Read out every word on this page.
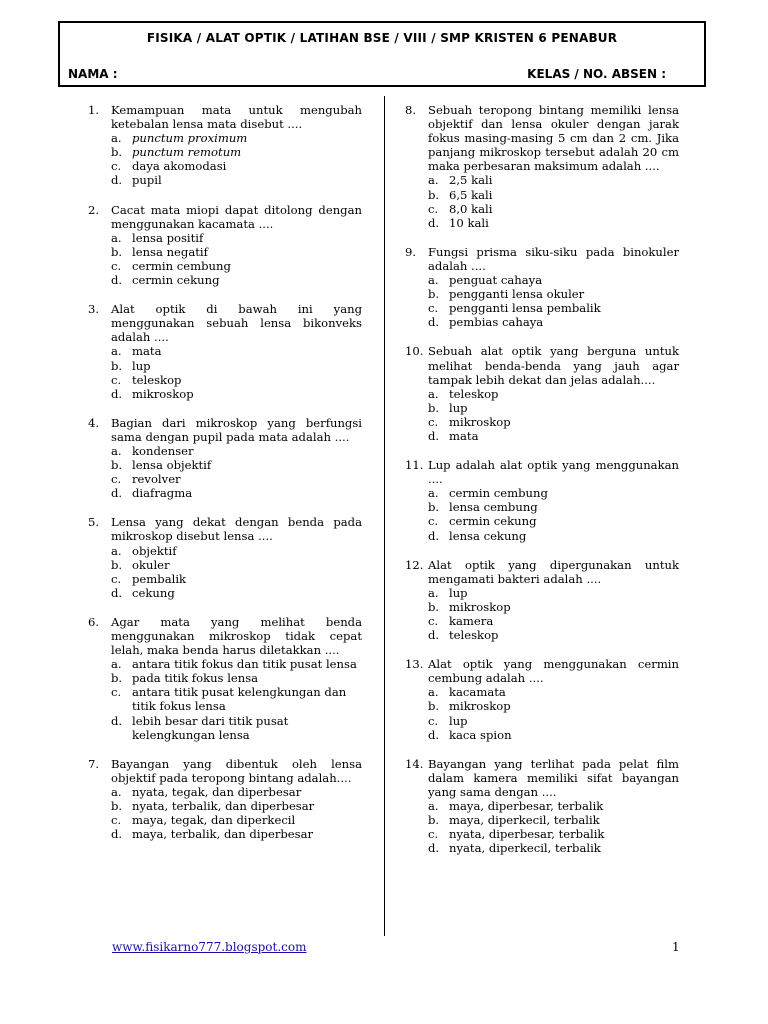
FISIKA / ALAT OPTIK / LATIHAN BSE / VIII / SMP KRISTEN 6 PENABUR
NAMA :	KELAS / NO. ABSEN :
1. Kemampuan mata untuk mengubah ketebalan lensa mata disebut ....
a. punctum proximum
b. punctum remotum
c. daya akomodasi
d. pupil
2. Cacat mata miopi dapat ditolong dengan menggunakan kacamata ....
a. lensa positif
b. lensa negatif
c. cermin cembung
d. cermin cekung
3. Alat optik di bawah ini yang menggunakan sebuah lensa bikonveks adalah ....
a. mata
b. lup
c. teleskop
d. mikroskop
4. Bagian dari mikroskop yang berfungsi sama dengan pupil pada mata adalah ....
a. kondenser
b. lensa objektif
c. revolver
d. diafragma
5. Lensa yang dekat dengan benda pada mikroskop disebut lensa ....
a. objektif
b. okuler
c. pembalik
d. cekung
6. Agar mata yang melihat benda menggunakan mikroskop tidak cepat lelah, maka benda harus diletakkan ....
a. antara titik fokus dan titik pusat lensa
b. pada titik fokus lensa
c. antara titik pusat kelengkungan dan titik fokus lensa
d. lebih besar dari titik pusat kelengkungan lensa
7. Bayangan yang dibentuk oleh lensa objektif pada teropong bintang adalah....
a. nyata, tegak, dan diperbesar
b. nyata, terbalik, dan diperbesar
c. maya, tegak, dan diperkecil
d. maya, terbalik, dan diperbesar
8. Sebuah teropong bintang memiliki lensa objektif dan lensa okuler dengan jarak fokus masing-masing 5 cm dan 2 cm. Jika panjang mikroskop tersebut adalah 20 cm maka perbesaran maksimum adalah ....
a. 2,5 kali
b. 6,5 kali
c. 8,0 kali
d. 10 kali
9. Fungsi prisma siku-siku pada binokuler adalah ....
a. penguat cahaya
b. pengganti lensa okuler
c. pengganti lensa pembalik
d. pembias cahaya
10. Sebuah alat optik yang berguna untuk melihat benda-benda yang jauh agar tampak lebih dekat dan jelas adalah....
a. teleskop
b. lup
c. mikroskop
d. mata
11. Lup adalah alat optik yang menggunakan ....
a. cermin cembung
b. lensa cembung
c. cermin cekung
d. lensa cekung
12. Alat optik yang dipergunakan untuk mengamati bakteri adalah ....
a. lup
b. mikroskop
c. kamera
d. teleskop
13. Alat optik yang menggunakan cermin cembung adalah ....
a. kacamata
b. mikroskop
c. lup
d. kaca spion
14. Bayangan yang terlihat pada pelat film dalam kamera memiliki sifat bayangan yang sama dengan ....
a. maya, diperbesar, terbalik
b. maya, diperkecil, terbalik
c. nyata, diperbesar, terbalik
d. nyata, diperkecil, terbalik
www.fisikarno777.blogspot.com	1
